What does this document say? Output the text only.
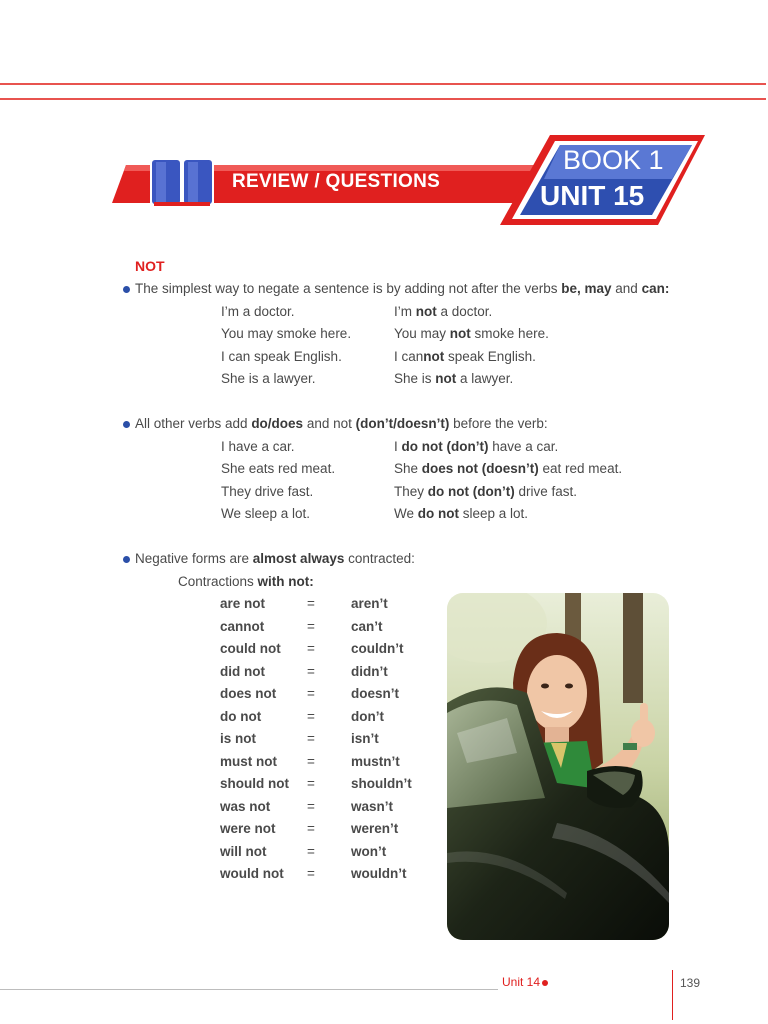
REVIEW / QUESTIONS
BOOK 1
UNIT 15
NOT
The simplest way to negate a sentence is by adding not after the verbs be, may and can:
I’m a doctor.	I’m not a doctor.
You may smoke here.	You may not smoke here.
I can speak English.	I cannot speak English.
She is a lawyer.	She is not a lawyer.
All other verbs add do/does and not (don’t/doesn’t) before the verb:
I have a car.	I do not (don’t) have a car.
She eats red meat.	She does not (doesn’t) eat red meat.
They drive fast.	They do not (don’t) drive fast.
We sleep a lot.	We do not sleep a lot.
Negative forms are almost always contracted:
Contractions with not:
are not	=	aren’t
cannot	=	can’t
could not =	couldn’t
did not	=	didn’t
does not =	doesn’t
do not	=	don’t
is not	=	isn’t
must not =	mustn’t
should not =	shouldn’t
was not	=	wasn’t
were not =	weren’t
will not	=	won’t
would not =	wouldn’t
Unit 14	139
